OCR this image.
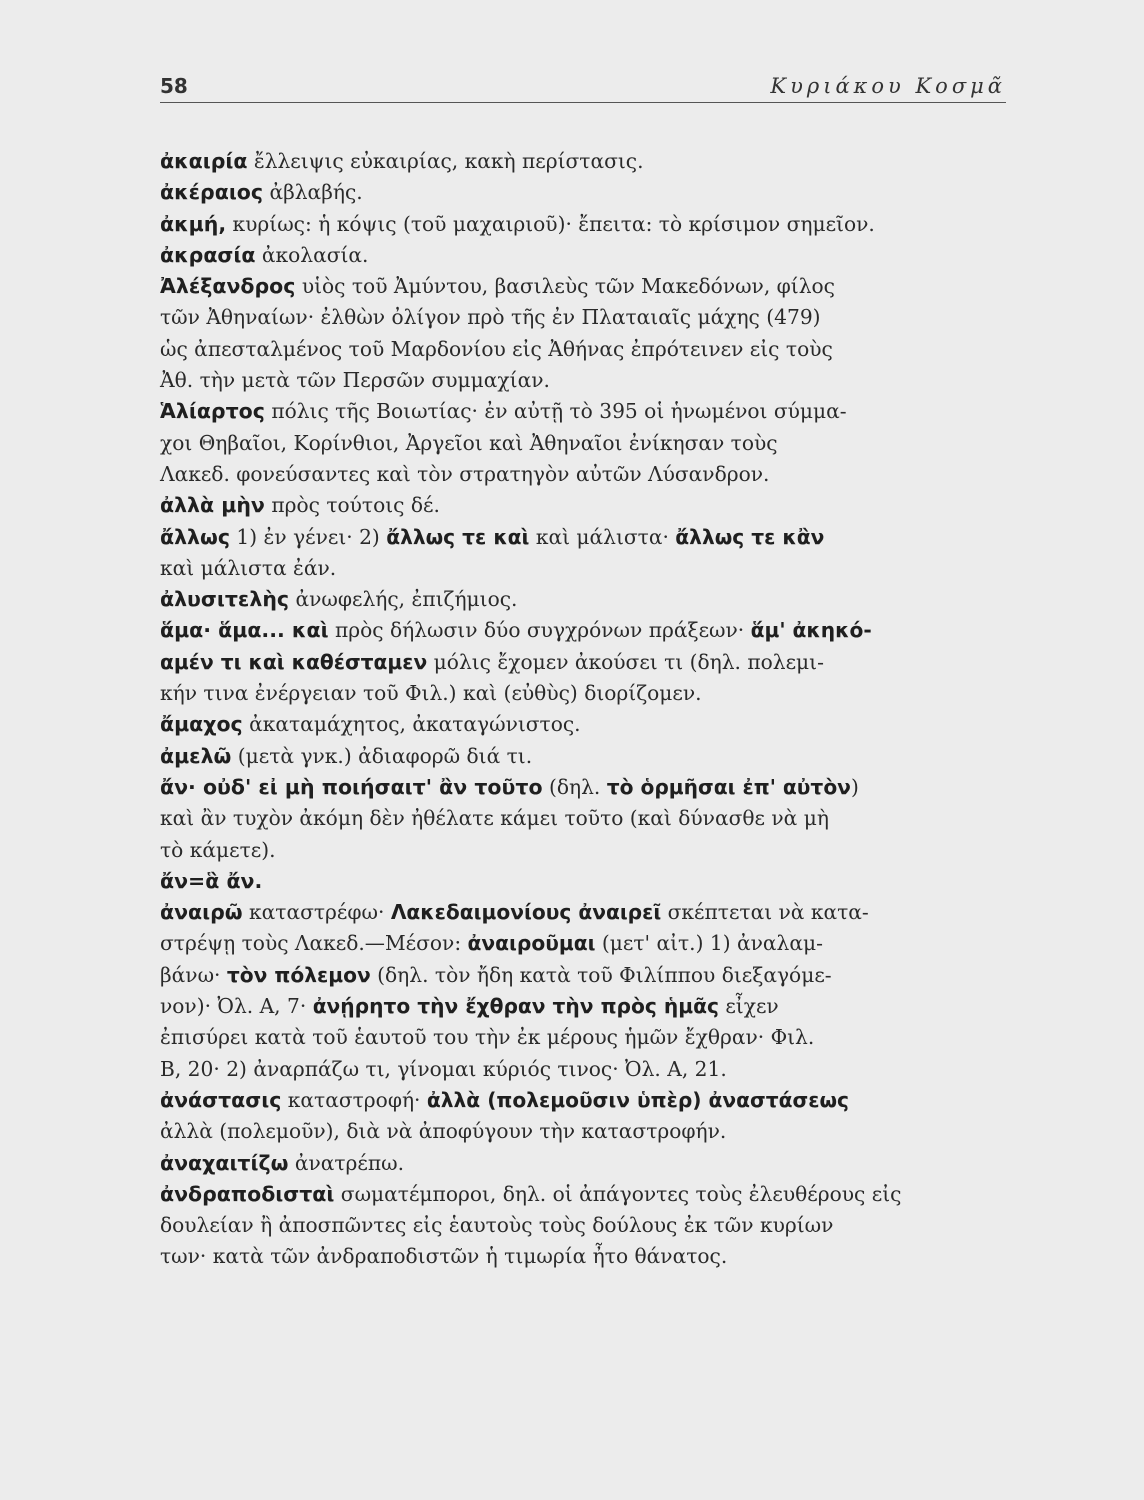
58	Κυριάκου Κοσμᾶ
ἀκαιρία ἔλλειψις εὐκαιρίας, κακὴ περίστασις.
ἀκέραιος ἀβλαβής.
ἀκμή, κυρίως: ἡ κόψις (τοῦ μαχαιριοῦ)· ἔπειτα: τὸ κρίσιμον σημεῖον.
ἀκρασία ἀκολασία.
Ἀλέξανδρος υἱὸς τοῦ Ἀμύντου, βασιλεὺς τῶν Μακεδόνων, φίλος
τῶν Ἀθηναίων· ἐλθὼν ὀλίγον πρὸ τῆς ἐν Πλαταιαῖς μάχης (479)
ὡς ἀπεσταλμένος τοῦ Μαρδονίου εἰς Ἀθήνας ἐπρότεινεν εἰς τοὺς
Ἀθ. τὴν μετὰ τῶν Περσῶν συμμαχίαν.
Ἁλίαρτος πόλις τῆς Βοιωτίας· ἐν αὐτῇ τὸ 395 οἱ ἡνωμένοι σύμμα-
χοι Θηβαῖοι, Κορίνθιοι, Ἀργεῖοι καὶ Ἀθηναῖοι ἐνίκησαν τοὺς
Λακεδ. φονεύσαντες καὶ τὸν στρατηγὸν αὐτῶν Λύσανδρον.
ἀλλὰ μὴν πρὸς τούτοις δέ.
ἄλλως 1) ἐν γένει· 2) ἄλλως τε καὶ καὶ μάλιστα· ἄλλως τε κἂν
καὶ μάλιστα ἐάν.
ἀλυσιτελὴς ἀνωφελής, ἐπιζήμιος.
ἅμα· ἅμα... καὶ πρὸς δήλωσιν δύο συγχρόνων πράξεων· ἅμ' ἀκηκό-
αμέν τι καὶ καθέσταμεν μόλις ἔχομεν ἀκούσει τι (δηλ. πολεμι-
κήν τινα ἐνέργειαν τοῦ Φιλ.) καὶ (εὐθὺς) διορίζομεν.
ἄμαχος ἀκαταμάχητος, ἀκαταγώνιστος.
ἀμελῶ (μετὰ γνκ.) ἀδιαφορῶ διά τι.
ἄν· οὐδ' εἰ μὴ ποιήσαιτ' ἂν τοῦτο (δηλ. τὸ ὁρμῆσαι ἐπ' αὐτὸν)
καὶ ἂν τυχὸν ἀκόμη δὲν ἠθέλατε κάμει τοῦτο (καὶ δύνασθε νὰ μὴ
τὸ κάμετε).
ἄν=ἃ ἄν.
ἀναιρῶ καταστρέφω· Λακεδαιμονίους ἀναιρεῖ σκέπτεται νὰ κατα-
στρέψῃ τοὺς Λακεδ.—Μέσον: ἀναιροῦμαι (μετ' αἰτ.) 1) ἀναλαμ-
βάνω· τὸν πόλεμον (δηλ. τὸν ἤδη κατὰ τοῦ Φιλίππου διεξαγόμε-
νον)· Ὀλ. Α, 7· ἀνῄρητο τὴν ἔχθραν τὴν πρὸς ἡμᾶς εἶχεν
ἐπισύρει κατὰ τοῦ ἑαυτοῦ του τὴν ἐκ μέρους ἡμῶν ἔχθραν· Φιλ.
Β, 20· 2) ἀναρπάζω τι, γίνομαι κύριός τινος· Ὀλ. Α, 21.
ἀνάστασις καταστροφή· ἀλλὰ (πολεμοῦσιν ὑπὲρ) ἀναστάσεως
ἀλλὰ (πολεμοῦν), διὰ νὰ ἀποφύγουν τὴν καταστροφήν.
ἀναχαιτίζω ἀνατρέπω.
ἀνδραποδισταὶ σωματέμποροι, δηλ. οἱ ἀπάγοντες τοὺς ἐλευθέρους εἰς
δουλείαν ἢ ἀποσπῶντες εἰς ἑαυτοὺς τοὺς δούλους ἐκ τῶν κυρίων
των· κατὰ τῶν ἀνδραποδιστῶν ἡ τιμωρία ἦτο θάνατος.
